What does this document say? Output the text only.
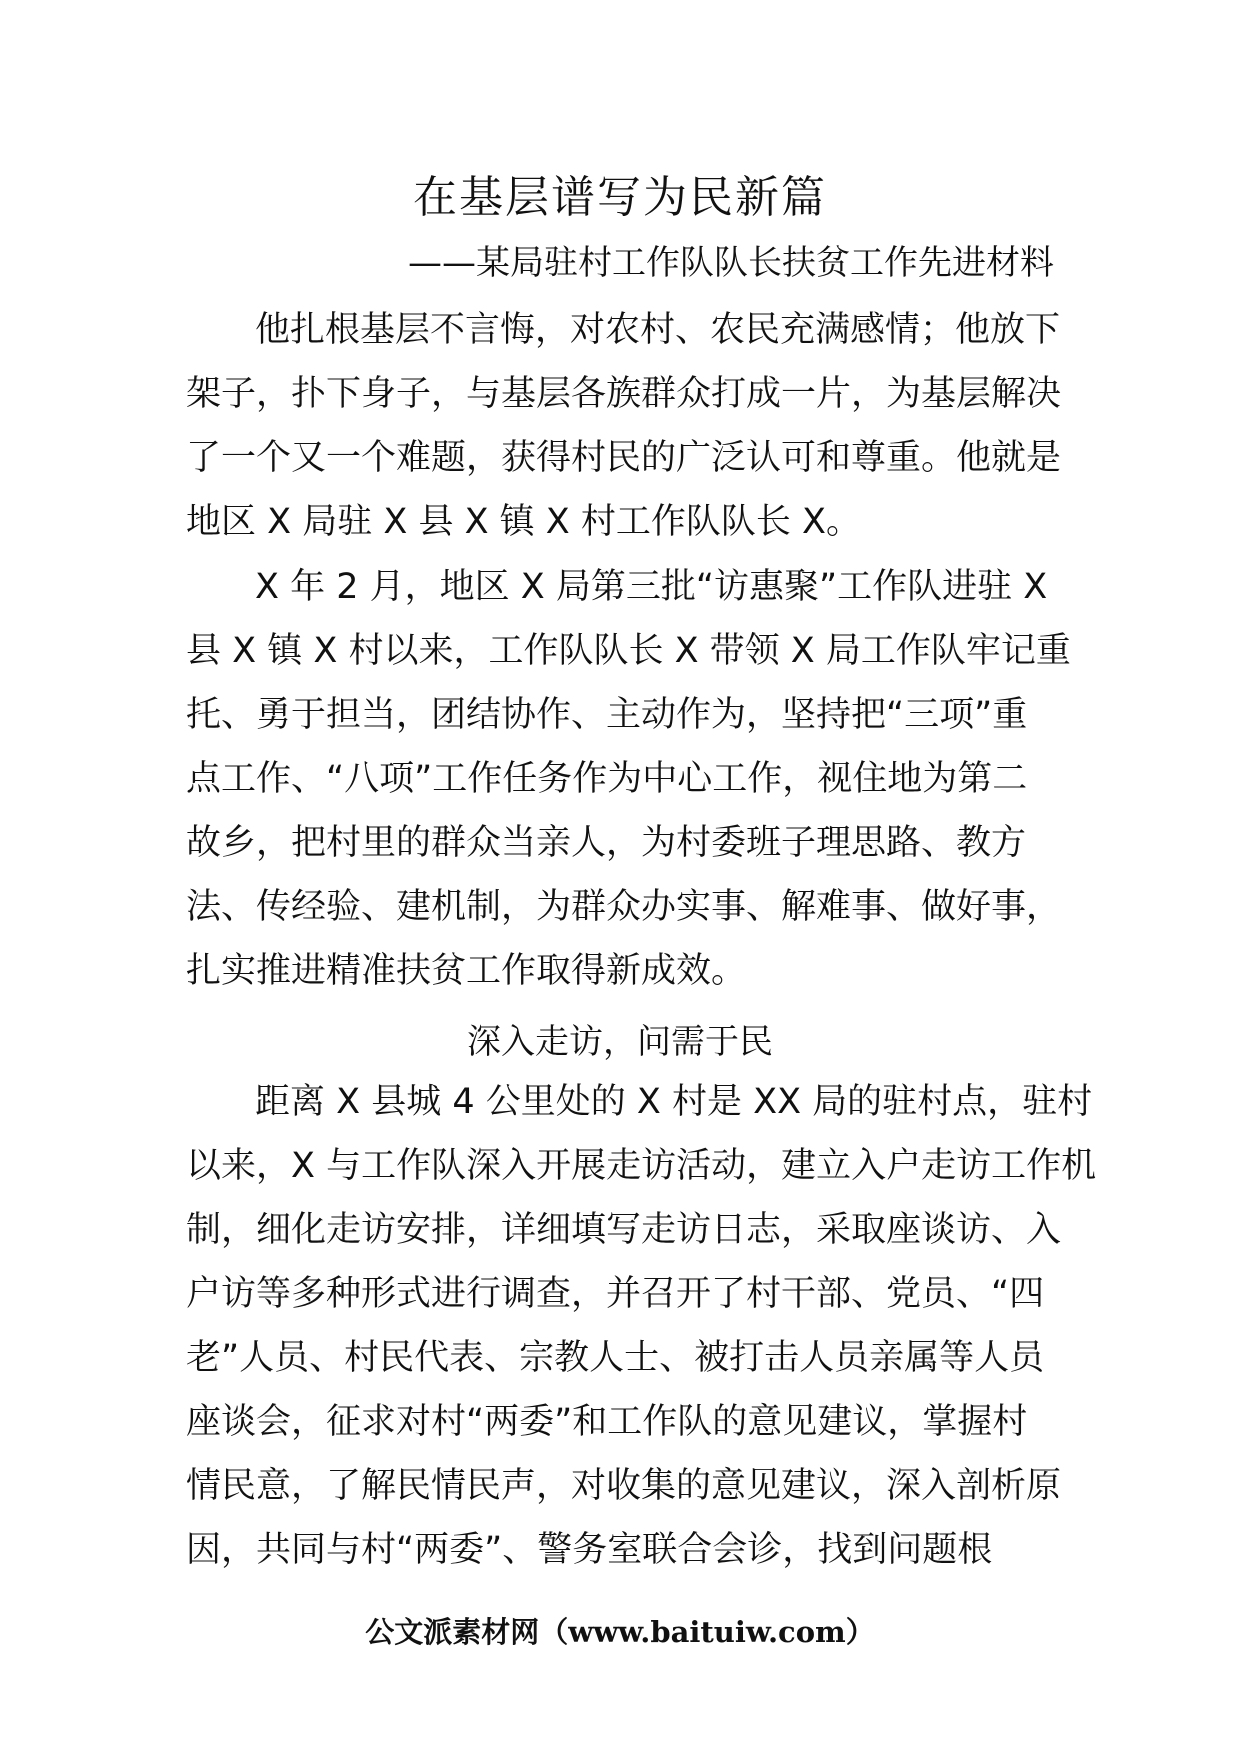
在基层谱写为民新篇
——某局驻村工作队队长扶贫工作先进材料
他扎根基层不言悔，对农村、农民充满感情；他放下
架子，扑下身子，与基层各族群众打成一片，为基层解决
了一个又一个难题，获得村民的广泛认可和尊重。他就是
地区 X 局驻 X 县 X 镇 X 村工作队队长 X。
X 年 2 月，地区 X 局第三批“访惠聚”工作队进驻 X
县 X 镇 X 村以来，工作队队长 X 带领 X 局工作队牢记重
托、勇于担当，团结协作、主动作为，坚持把“三项”重
点工作、“八项”工作任务作为中心工作，视住地为第二
故乡，把村里的群众当亲人，为村委班子理思路、教方
法、传经验、建机制，为群众办实事、解难事、做好事，
扎实推进精准扶贫工作取得新成效。
深入走访，问需于民
距离 X 县城 4 公里处的 X 村是 XX 局的驻村点，驻村
以来，X 与工作队深入开展走访活动，建立入户走访工作机
制，细化走访安排，详细填写走访日志，采取座谈访、入
户访等多种形式进行调查，并召开了村干部、党员、“四
老”人员、村民代表、宗教人士、被打击人员亲属等人员
座谈会，征求对村“两委”和工作队的意见建议，掌握村
情民意，了解民情民声，对收集的意见建议，深入剖析原
因，共同与村“两委”、警务室联合会诊，找到问题根
公文派素材网（www.baituiw.com）
